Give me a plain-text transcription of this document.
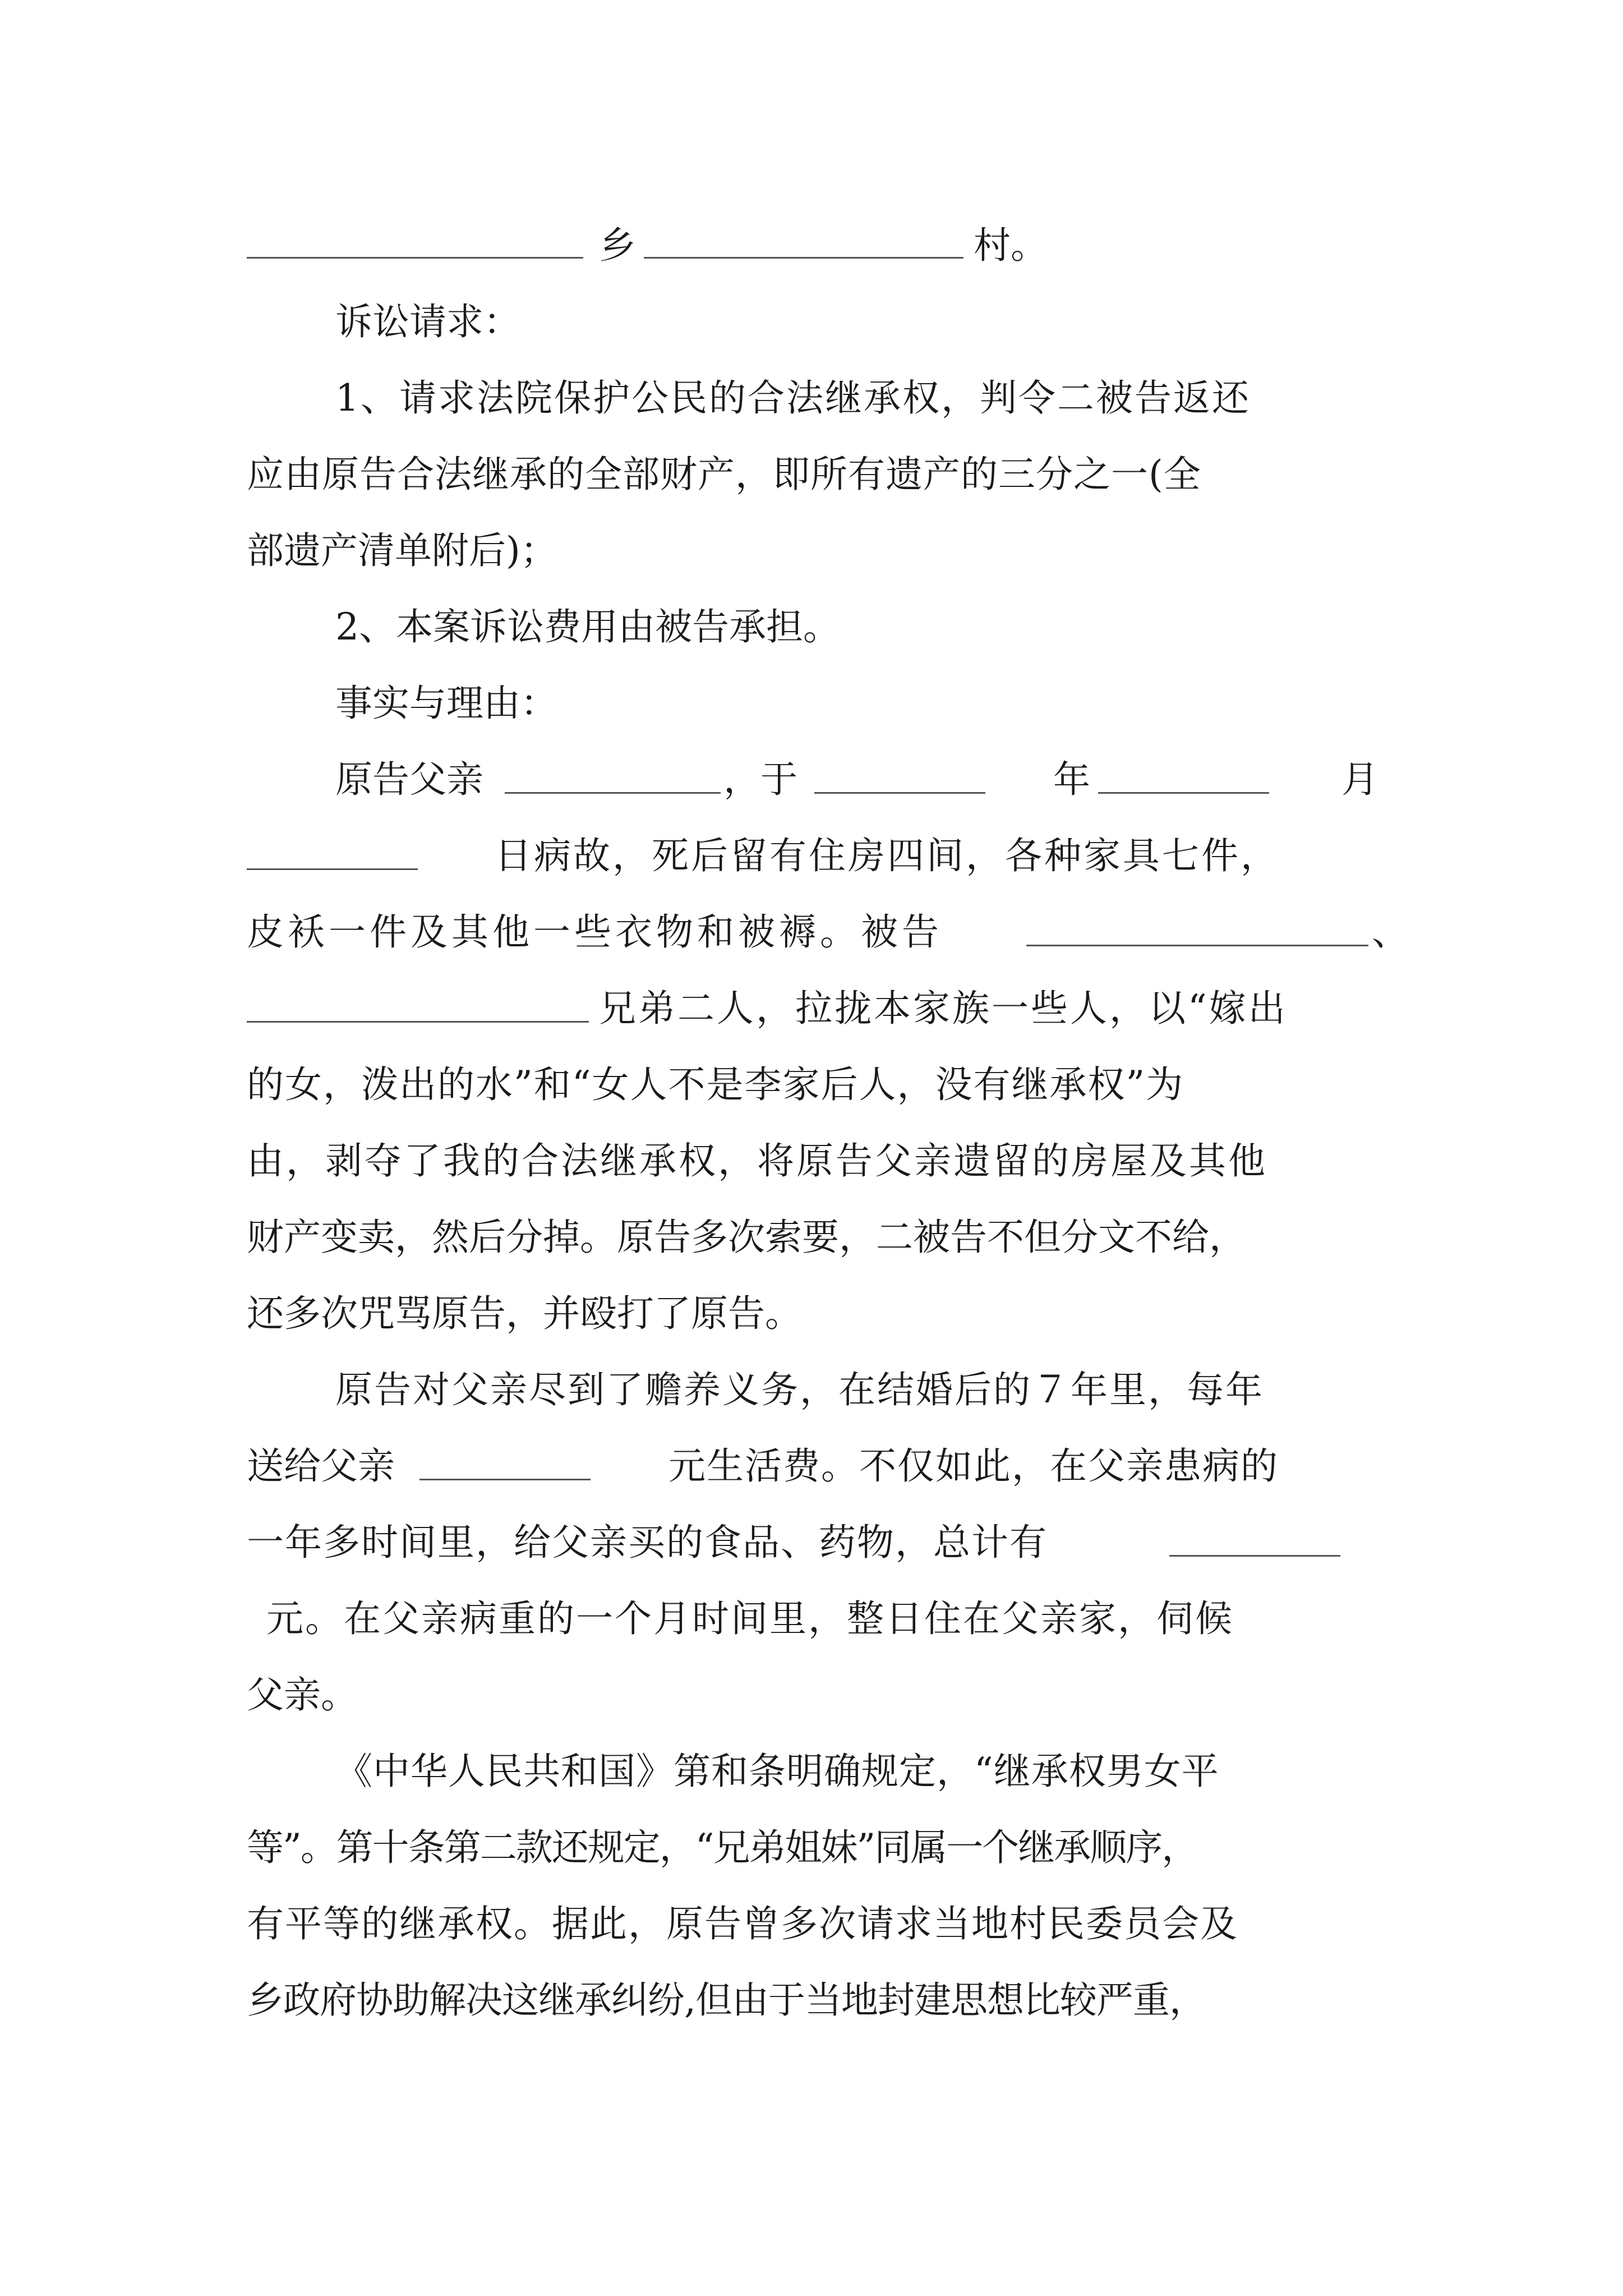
乡	村。
诉讼请求：
1、请求法院保护公民的合法继承权，判令二被告返还
应由原告合法继承的全部财产，即所有遗产的三分之一(全
部遗产清单附后)；
2、本案诉讼费用由被告承担。
事实与理由：
原告父亲	，于	年	月
日病故，死后留有住房四间，各种家具七件，
皮袄一件及其他一些衣物和被褥。被告	、
兄弟二人，拉拢本家族一些人，以“嫁出
的女，泼出的水”和“女人不是李家后人，没有继承权”为
由，剥夺了我的合法继承权，将原告父亲遗留的房屋及其他
财产变卖，然后分掉。原告多次索要，二被告不但分文不给，
还多次咒骂原告，并殴打了原告。
原告对父亲尽到了赡养义务，在结婚后的７年里，每年
送给父亲	元生活费。不仅如此，在父亲患病的
一年多时间里，给父亲买的食品、药物，总计有
元。在父亲病重的一个月时间里，整日住在父亲家，伺候
父亲。
《中华人民共和国》第和条明确规定，“继承权男女平
等”。第十条第二款还规定，“兄弟姐妹”同属一个继承顺序，
有平等的继承权。据此，原告曾多次请求当地村民委员会及
乡政府协助解决这继承纠纷,但由于当地封建思想比较严重，
